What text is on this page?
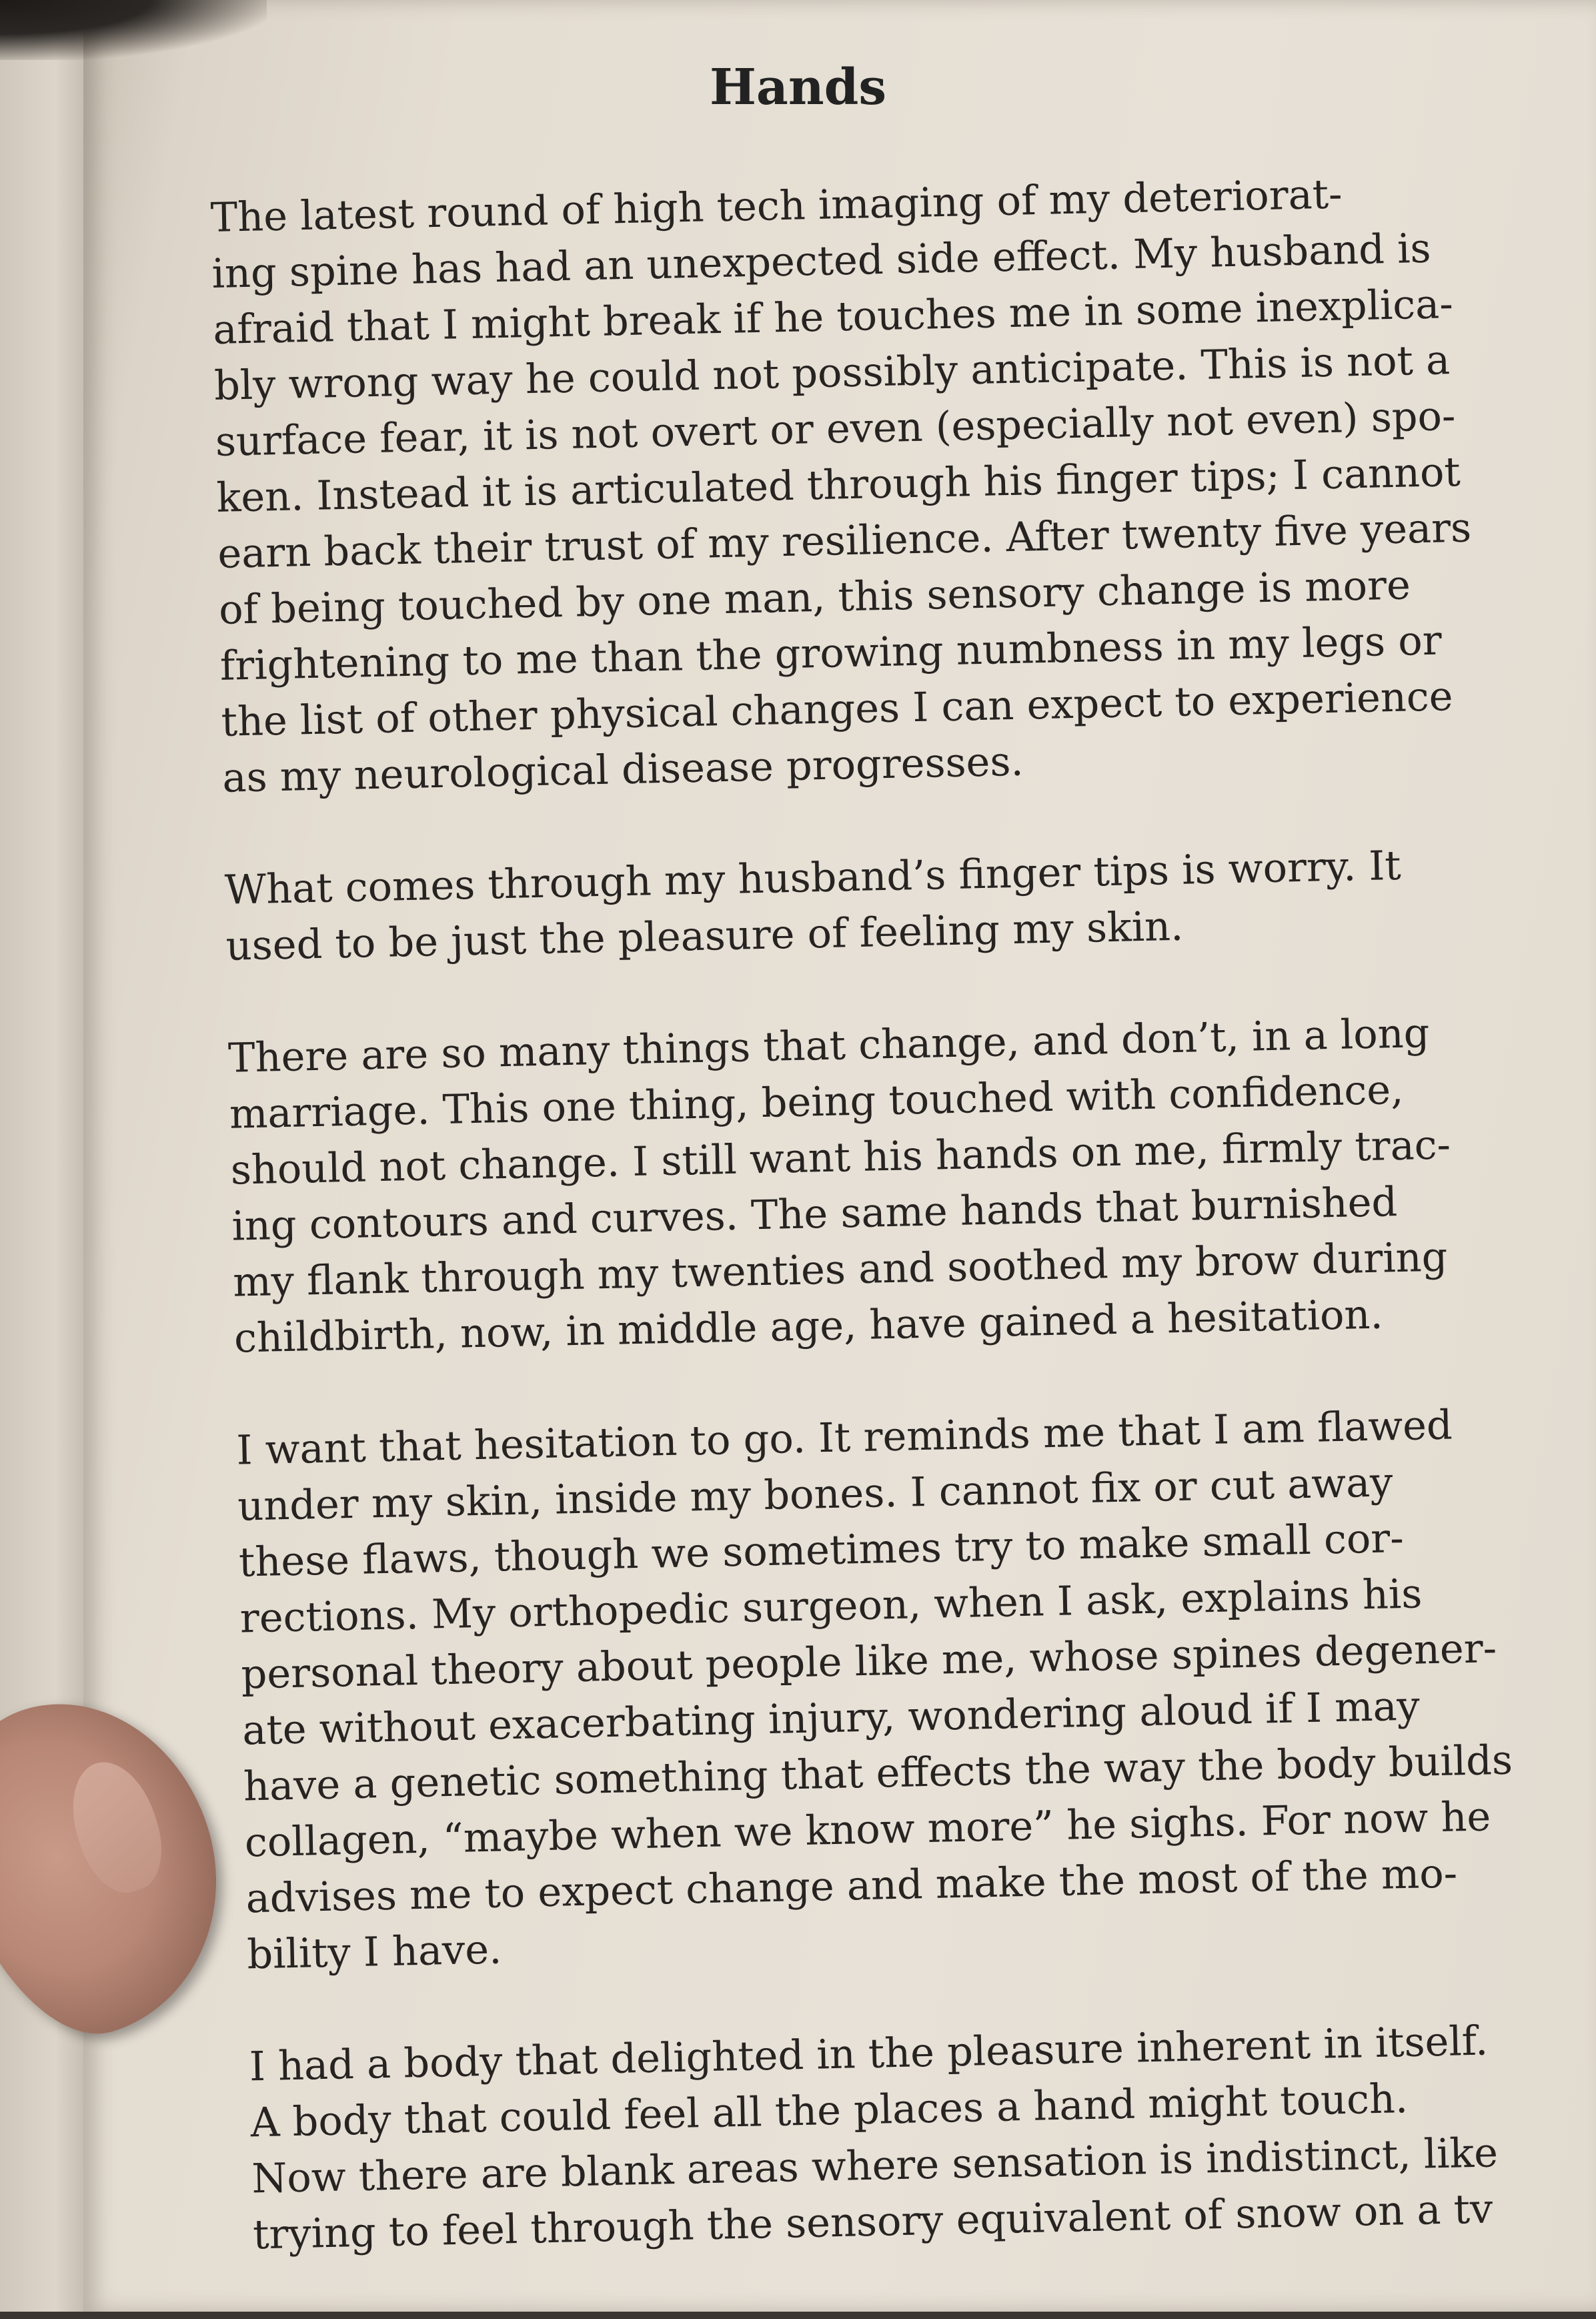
Hands

The latest round of high tech imaging of my deteriorat-
ing spine has had an unexpected side effect. My husband is
afraid that I might break if he touches me in some inexplica-
bly wrong way he could not possibly anticipate. This is not a
surface fear, it is not overt or even (especially not even) spo-
ken. Instead it is articulated through his finger tips; I cannot
earn back their trust of my resilience. After twenty five years
of being touched by one man, this sensory change is more
frightening to me than the growing numbness in my legs or
the list of other physical changes I can expect to experience
as my neurological disease progresses.

What comes through my husband’s finger tips is worry. It
used to be just the pleasure of feeling my skin.

There are so many things that change, and don’t, in a long
marriage. This one thing, being touched with confidence,
should not change. I still want his hands on me, firmly trac-
ing contours and curves. The same hands that burnished
my flank through my twenties and soothed my brow during
childbirth, now, in middle age, have gained a hesitation.

I want that hesitation to go. It reminds me that I am flawed
under my skin, inside my bones. I cannot fix or cut away
these flaws, though we sometimes try to make small cor-
rections. My orthopedic surgeon, when I ask, explains his
personal theory about people like me, whose spines degener-
ate without exacerbating injury, wondering aloud if I may
have a genetic something that effects the way the body builds
collagen, “maybe when we know more” he sighs. For now he
advises me to expect change and make the most of the mo-
bility I have.

I had a body that delighted in the pleasure inherent in itself.
A body that could feel all the places a hand might touch.
Now there are blank areas where sensation is indistinct, like
trying to feel through the sensory equivalent of snow on a tv
